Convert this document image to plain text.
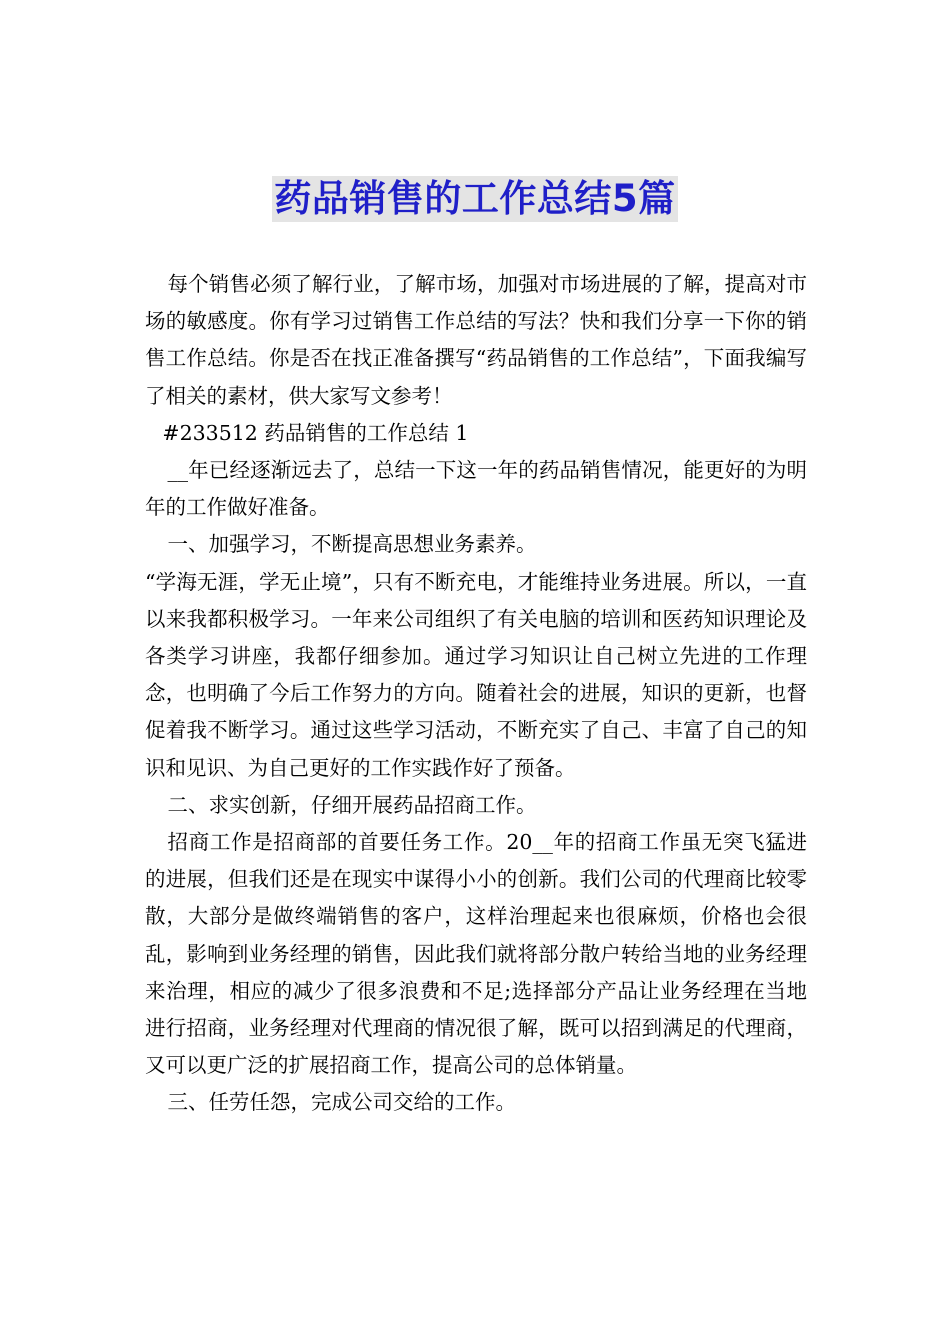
药品销售的工作总结5篇

每个销售必须了解行业，了解市场，加强对市场进展的了解，提高对市场的敏感度。你有学习过销售工作总结的写法？快和我们分享一下你的销售工作总结。你是否在找正准备撰写“药品销售的工作总结”，下面我编写了相关的素材，供大家写文参考！

#233512 药品销售的工作总结 1

__年已经逐渐远去了，总结一下这一年的药品销售情况，能更好的为明年的工作做好准备。

一、加强学习，不断提高思想业务素养。

“学海无涯，学无止境”，只有不断充电，才能维持业务进展。所以，一直以来我都积极学习。一年来公司组织了有关电脑的培训和医药知识理论及各类学习讲座，我都仔细参加。通过学习知识让自己树立先进的工作理念，也明确了今后工作努力的方向。随着社会的进展，知识的更新，也督促着我不断学习。通过这些学习活动，不断充实了自己、丰富了自己的知识和见识、为自己更好的工作实践作好了预备。

二、求实创新，仔细开展药品招商工作。

招商工作是招商部的首要任务工作。20__年的招商工作虽无突飞猛进的进展，但我们还是在现实中谋得小小的创新。我们公司的代理商比较零散，大部分是做终端销售的客户，这样治理起来也很麻烦，价格也会很乱，影响到业务经理的销售，因此我们就将部分散户转给当地的业务经理来治理，相应的减少了很多浪费和不足;选择部分产品让业务经理在当地进行招商，业务经理对代理商的情况很了解，既可以招到满足的代理商，又可以更广泛的扩展招商工作，提高公司的总体销量。

三、任劳任怨，完成公司交给的工作。
